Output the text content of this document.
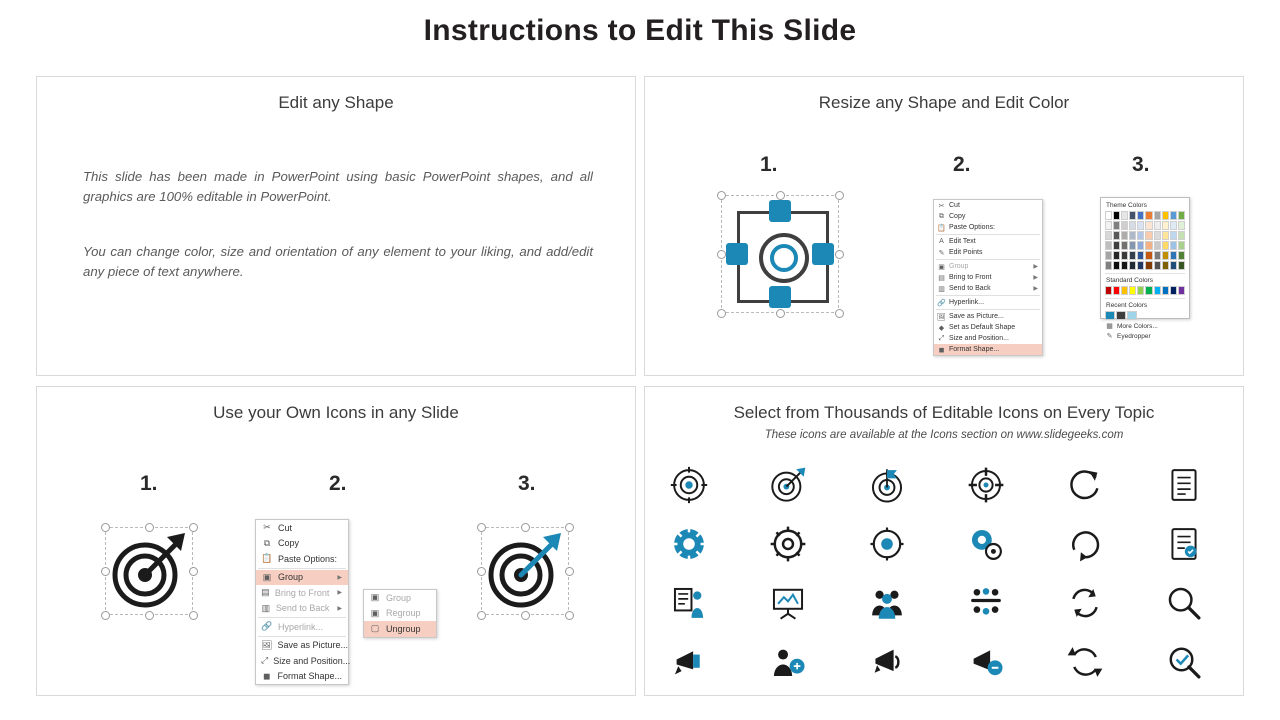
Instructions to Edit This Slide
Edit any Shape
This slide has been made in PowerPoint using basic PowerPoint shapes, and all graphics are 100% editable in PowerPoint.
You can change color, size and orientation of any element to your liking, and add/edit any piece of text anywhere.
Resize any Shape and Edit Color
1.	2.	3.
✂ Cut
⧉ Copy
📋 Paste Options:
A Edit Text
✎ Edit Points
▣ Group	▶
▤ Bring to Front	▶
▥ Send to Back	▶
🔗 Hyperlink...
🖼 Save as Picture...
◆ Set as Default Shape
⤢ Size and Position...
◼ Format Shape...
Theme Colors
Standard Colors
Recent Colors
▦ More Colors...
✎ Eyedropper
Use your Own Icons in any Slide
1.	2.	3.
✂ Cut
⧉ Copy
📋 Paste Options:
▣ Group	▶
▤ Bring to Front	▶
▥ Send to Back	▶
🔗 Hyperlink...
🖼 Save as Picture...
⤢ Size and Position...
◼ Format Shape...
▣ Group
▣ Regroup
▢ Ungroup
Select from Thousands of Editable Icons on Every Topic
These icons are available at the Icons section on www.slidegeeks.com
